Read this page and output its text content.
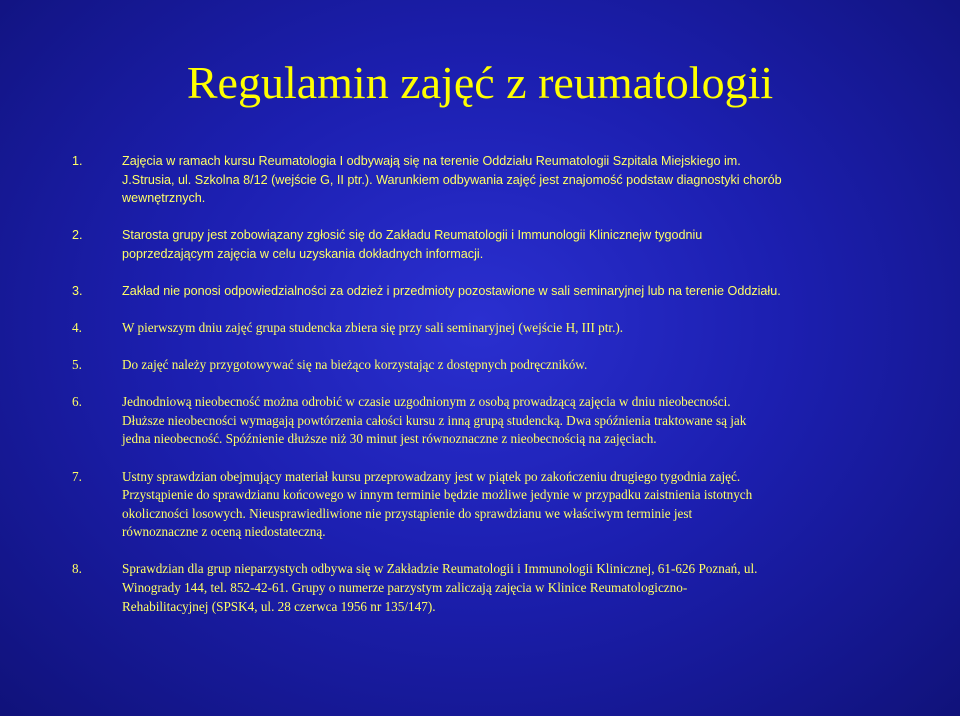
Regulamin zajęć z reumatologii
1.	Zajęcia w ramach kursu Reumatologia I odbywają się na terenie Oddziału Reumatologii Szpitala Miejskiego im.

J.Strusia, ul. Szkolna 8/12 (wejście G, II ptr.). Warunkiem odbywania zajęć jest znajomość podstaw diagnostyki chorób

wewnętrznych.

2.	Starosta grupy jest zobowiązany zgłosić się do Zakładu Reumatologii i Immunologii Klinicznejw tygodniu

poprzedzającym zajęcia w celu uzyskania dokładnych informacji.

3.	Zakład nie ponosi odpowiedzialności za odzież i przedmioty pozostawione w sali seminaryjnej lub na terenie Oddziału.

4.	W pierwszym dniu zajęć grupa studencka zbiera się przy sali seminaryjnej (wejście H, III ptr.).

5.	Do zajęć należy przygotowywać się na bieżąco korzystając z dostępnych podręczników.

6.	Jednodniową nieobecność można odrobić w czasie uzgodnionym z osobą prowadzącą zajęcia w dniu nieobecności.

Dłuższe nieobecności wymagają powtórzenia całości kursu z inną grupą studencką. Dwa spóźnienia traktowane są jak

jedna nieobecność. Spóźnienie dłuższe niż 30 minut jest równoznaczne z nieobecnością na zajęciach.

7.	Ustny sprawdzian obejmujący materiał kursu przeprowadzany jest w piątek po zakończeniu drugiego tygodnia zajęć.

Przystąpienie do sprawdzianu końcowego w innym terminie będzie możliwe jedynie w przypadku zaistnienia istotnych

okoliczności losowych. Nieusprawiedliwione nie przystąpienie do sprawdzianu we właściwym terminie jest

równoznaczne z oceną niedostateczną.

8.	Sprawdzian dla grup nieparzystych odbywa się w Zakładzie Reumatologii i Immunologii Klinicznej, 61-626 Poznań, ul.

Winogrady 144, tel. 852-42-61. Grupy o numerze parzystym zaliczają zajęcia w Klinice Reumatologiczno-

Rehabilitacyjnej (SPSK4, ul. 28 czerwca 1956 nr 135/147).
